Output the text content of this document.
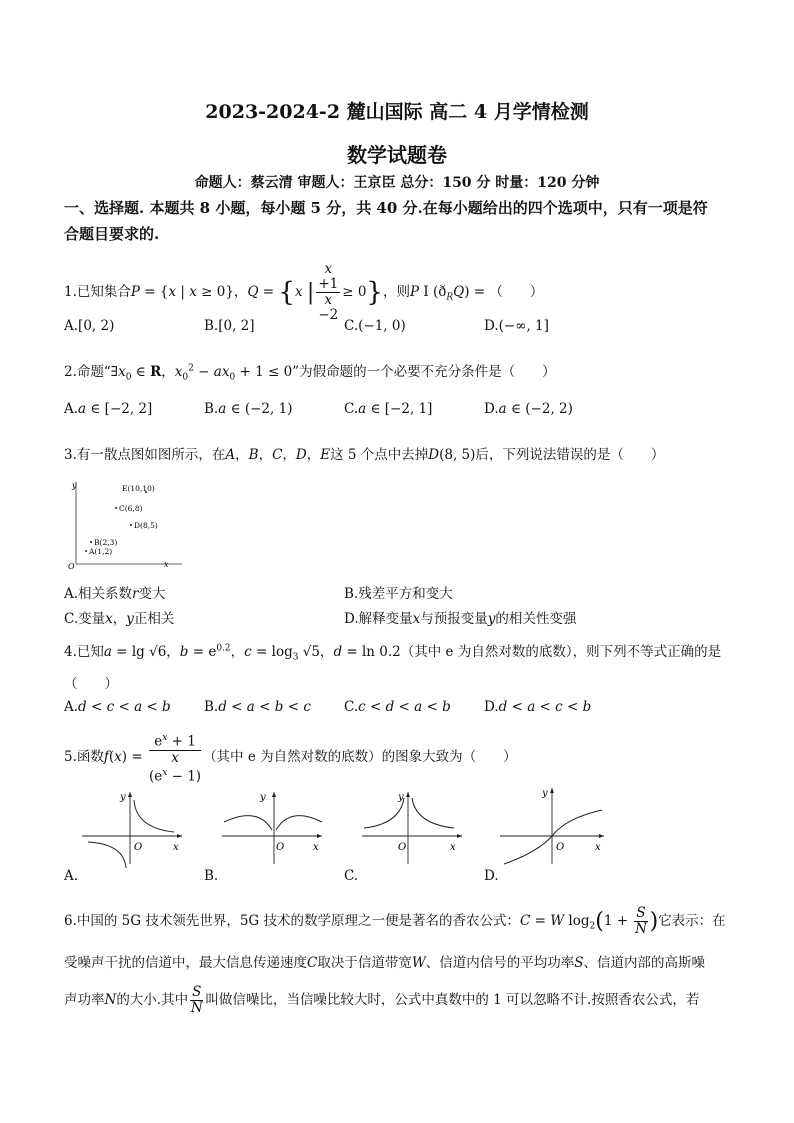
2023-2024-2 麓山国际 高二 4 月学情检测
数学试题卷
命题人：蔡云清 审题人：王京臣 总分：150 分 时量：120 分钟
一、选择题. 本题共 8 小题，每小题 5 分，共 40 分.在每小题给出的四个选项中，只有一项是符
合题目要求的.
1.已知集合P = {x | x ≥ 0}，Q = {x | x
+1
x
−2 ≥ 0}，则P I $(ð_RQ)$ = （　　）
A.[0, 2)	B.[0, 2]	C.(−1, 0)	D.(−∞, 1]
2.命题“$\exists x_0$ ∈ R，$x_0^2 - ax_0 + 1 \le 0$”为假命题的一个必要不充分条件是（　　）
A.a ∈ [−2, 2]	B.a ∈ (−2, 1)	C.a ∈ [−2, 1]	D.a ∈ (−2, 2)
3.有一散点图如图所示，在A，B，C，D，E这 5 个点中去掉D(8, 5)后，下列说法错误的是（　　）
y
x
O
E(10,10)
C(6,8)
D(8,5)
B(2,3)
A(1,2)
A.相关系数r变大	B.残差平方和变大
C.变量x，y正相关	D.解释变量x与预报变量y的相关性变强
4.已知a = lg √6，$b = e^{0.2}$，$c = \log_3 √5$，d = ln 0.2（其中 e 为自然对数的底数），则下列不等式正确的是
（　　）
A.d < c < a < b B.d < a < b < c C.c < d < a < b D.d < a < c < b
5.函数$f(x) = e^x + 1$
x
$(e^x - 1)$ （其中 e 为自然对数的底数）的图象大致为（　　）
y
x
O
A.
y
x
O
B.
y
x
O
C.
y
x
O
D.
6.中国的 5G 技术领先世界，5G 技术的数学原理之一便是著名的香农公式：C = W $\log_2(1 + \frac{S}{N}$ )它表示：在
受噪声干扰的信道中，最大信息传递速度C取决于信道带宽W、信道内信号的平均功率S、信道内部的高斯噪
声功率N的大小.其中 $\frac{S}{N}$ 叫做信噪比，当信噪比较大时，公式中真数中的 1 可以忽略不计.按照香农公式，若
